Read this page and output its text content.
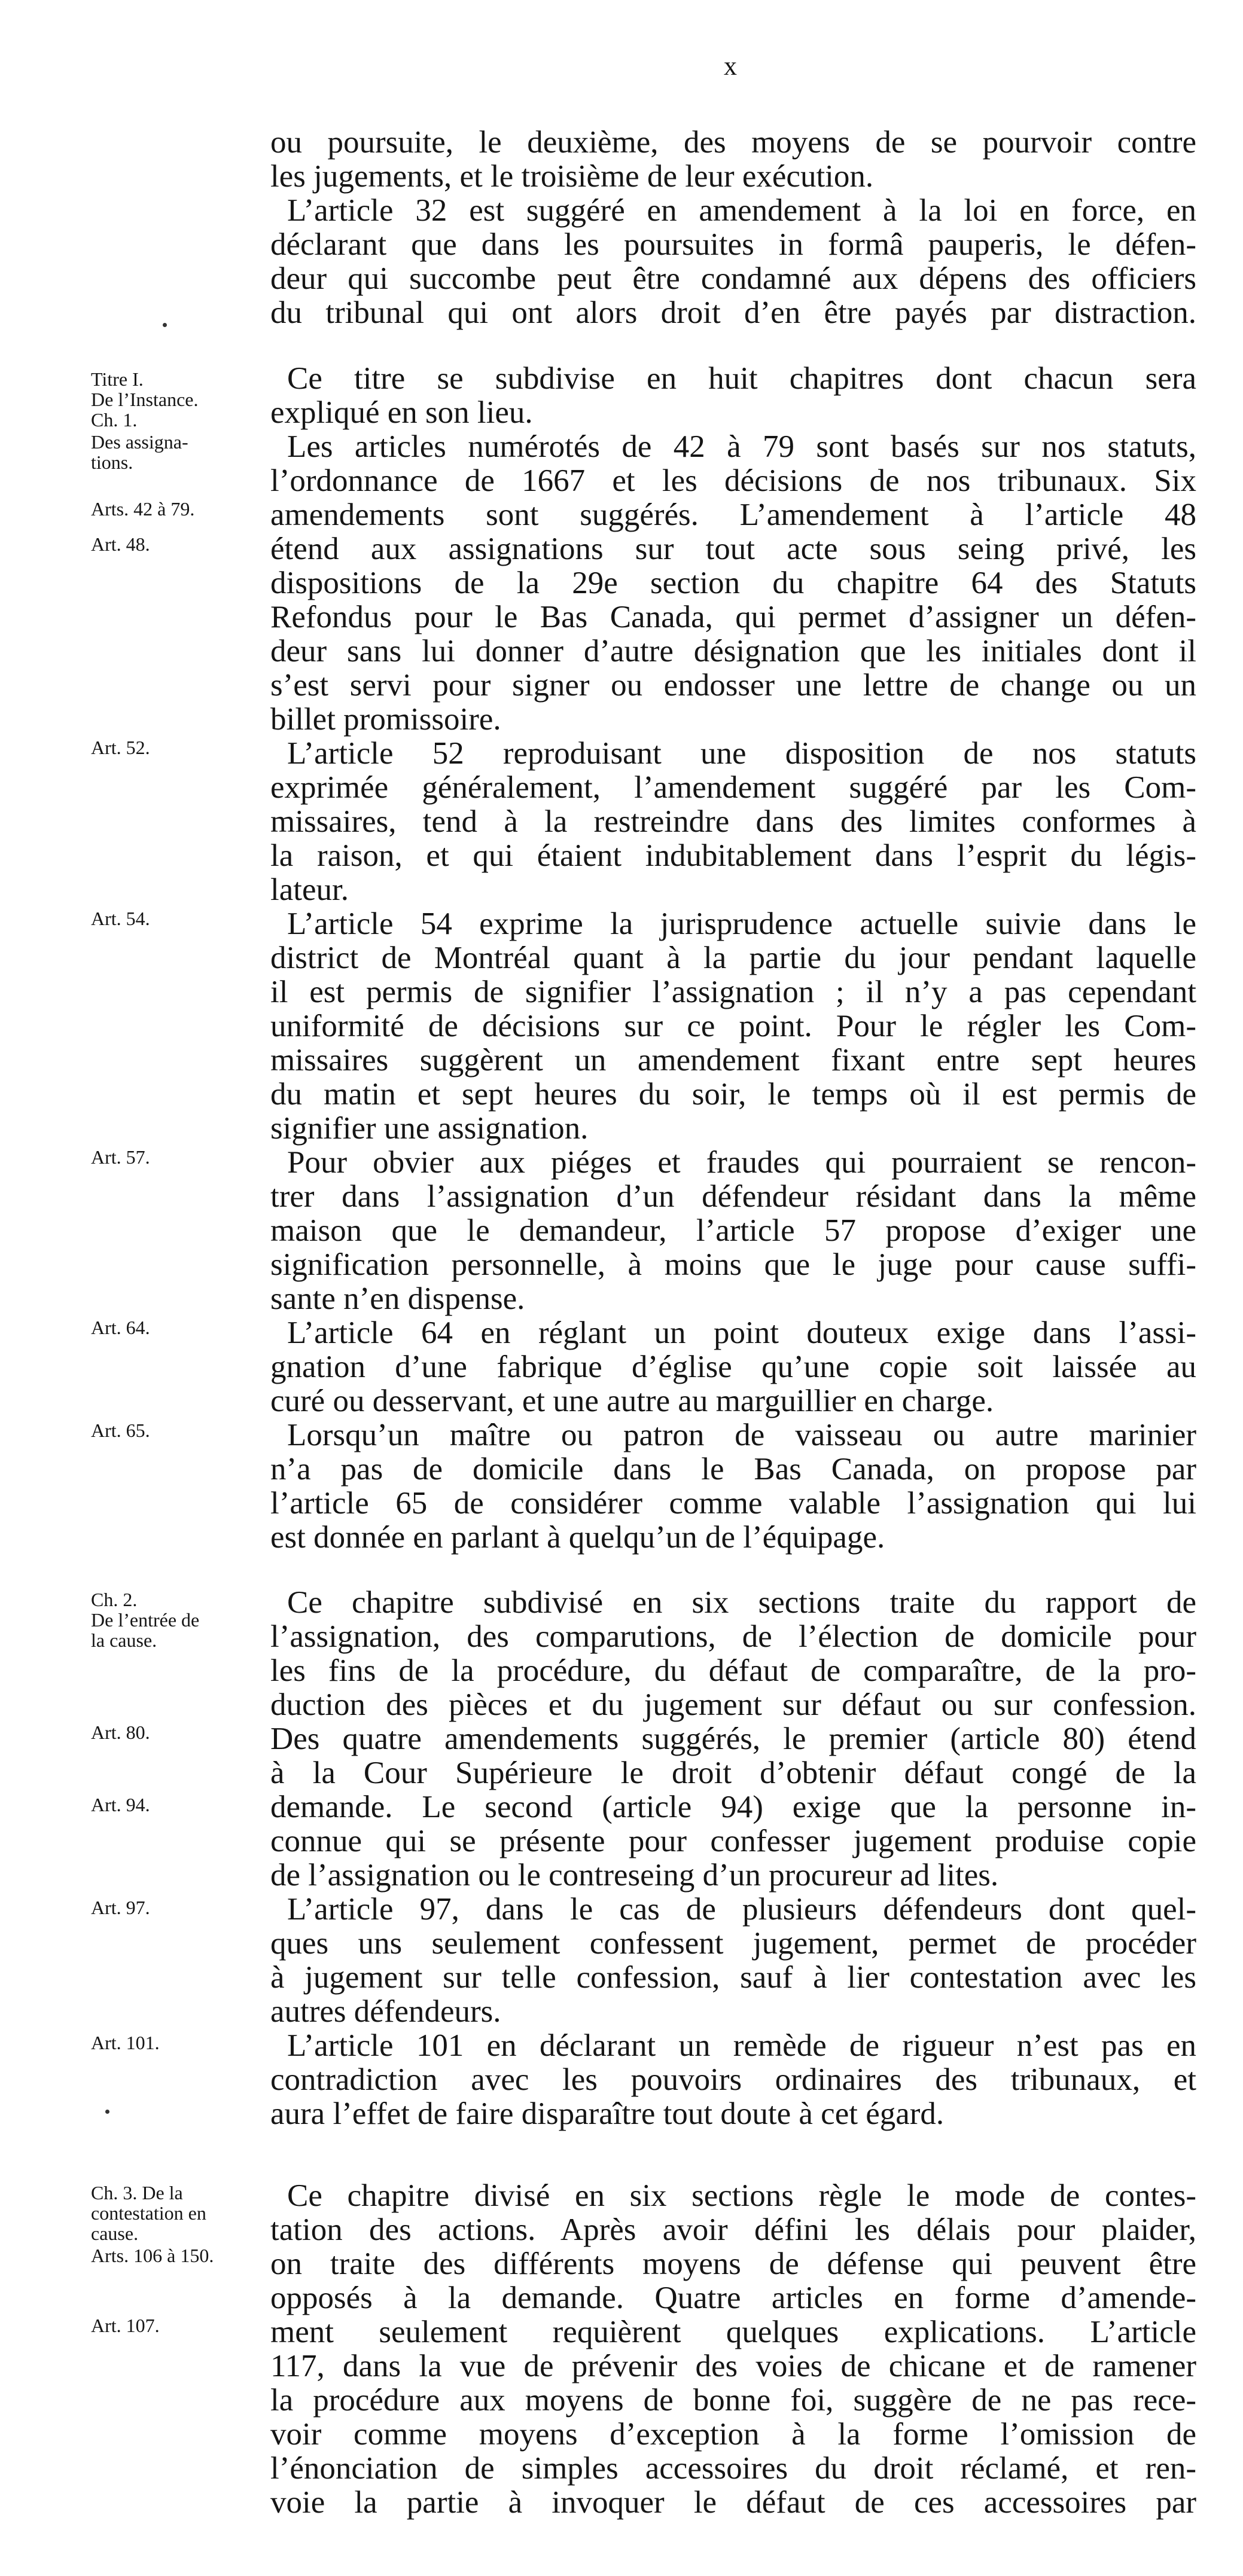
x
ou poursuite, le deuxième, des moyens de se pourvoir contre
les jugements, et le troisième de leur exécution.
L’article 32 est suggéré en amendement à la loi en force, en
déclarant que dans les poursuites in formâ pauperis, le défen-
deur qui succombe peut être condamné aux dépens des officiers
du tribunal qui ont alors droit d’en être payés par distraction.
Ce titre se subdivise en huit chapitres dont chacun sera
expliqué en son lieu.
Les articles numérotés de 42 à 79 sont basés sur nos statuts,
l’ordonnance de 1667 et les décisions de nos tribunaux. Six
amendements sont suggérés. L’amendement à l’article 48
étend aux assignations sur tout acte sous seing privé, les
dispositions de la 29e section du chapitre 64 des Statuts
Refondus pour le Bas Canada, qui permet d’assigner un défen-
deur sans lui donner d’autre désignation que les initiales dont il
s’est servi pour signer ou endosser une lettre de change ou un
billet promissoire.
L’article 52 reproduisant une disposition de nos statuts
exprimée généralement, l’amendement suggéré par les Com-
missaires, tend à la restreindre dans des limites conformes à
la raison, et qui étaient indubitablement dans l’esprit du légis-
lateur.
L’article 54 exprime la jurisprudence actuelle suivie dans le
district de Montréal quant à la partie du jour pendant laquelle
il est permis de signifier l’assignation ; il n’y a pas cependant
uniformité de décisions sur ce point. Pour le régler les Com-
missaires suggèrent un amendement fixant entre sept heures
du matin et sept heures du soir, le temps où il est permis de
signifier une assignation.
Pour obvier aux piéges et fraudes qui pourraient se rencon-
trer dans l’assignation d’un défendeur résidant dans la même
maison que le demandeur, l’article 57 propose d’exiger une
signification personnelle, à moins que le juge pour cause suffi-
sante n’en dispense.
L’article 64 en réglant un point douteux exige dans l’assi-
gnation d’une fabrique d’église qu’une copie soit laissée au
curé ou desservant, et une autre au marguillier en charge.
Lorsqu’un maître ou patron de vaisseau ou autre marinier
n’a pas de domicile dans le Bas Canada, on propose par
l’article 65 de considérer comme valable l’assignation qui lui
est donnée en parlant à quelqu’un de l’équipage.
Ce chapitre subdivisé en six sections traite du rapport de
l’assignation, des comparutions, de l’élection de domicile pour
les fins de la procédure, du défaut de comparaître, de la pro-
duction des pièces et du jugement sur défaut ou sur confession.
Des quatre amendements suggérés, le premier (article 80) étend
à la Cour Supérieure le droit d’obtenir défaut congé de la
demande. Le second (article 94) exige que la personne in-
connue qui se présente pour confesser jugement produise copie
de l’assignation ou le contreseing d’un procureur ad lites.
L’article 97, dans le cas de plusieurs défendeurs dont quel-
ques uns seulement confessent jugement, permet de procéder
à jugement sur telle confession, sauf à lier contestation avec les
autres défendeurs.
L’article 101 en déclarant un remède de rigueur n’est pas en
contradiction avec les pouvoirs ordinaires des tribunaux, et
aura l’effet de faire disparaître tout doute à cet égard.
Ce chapitre divisé en six sections règle le mode de contes-
tation des actions. Après avoir défini les délais pour plaider,
on traite des différents moyens de défense qui peuvent être
opposés à la demande. Quatre articles en forme d’amende-
ment seulement requièrent quelques explications. L’article
117, dans la vue de prévenir des voies de chicane et de ramener
la procédure aux moyens de bonne foi, suggère de ne pas rece-
voir comme moyens d’exception à la forme l’omission de
l’énonciation de simples accessoires du droit réclamé, et ren-
voie la partie à invoquer le défaut de ces accessoires par
Titre I.
De l’Instance.
Ch. 1.
Des assigna-
tions.
Arts. 42 à 79.
Art. 48.
Art. 52.
Art. 54.
Art. 57.
Art. 64.
Art. 65.
Ch. 2.
De l’entrée de
la cause.
Art. 80.
Art. 94.
Art. 97.
Art. 101.
Ch. 3. De la
contestation en
cause.
Arts. 106 à 150.
Art. 107.
